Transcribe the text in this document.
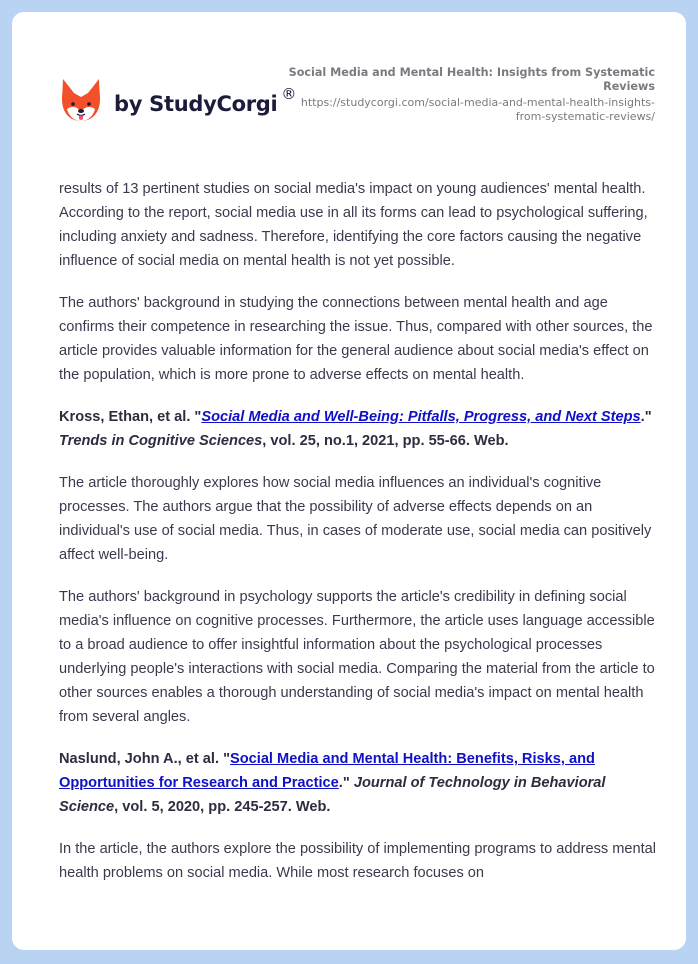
by StudyCorgi ®
Social Media and Mental Health: Insights from Systematic Reviews
https://studycorgi.com/social-media-and-mental-health-insights-from-systematic-reviews/

results of 13 pertinent studies on social media's impact on young audiences' mental health. According to the report, social media use in all its forms can lead to psychological suffering, including anxiety and sadness. Therefore, identifying the core factors causing the negative influence of social media on mental health is not yet possible.

The authors' background in studying the connections between mental health and age confirms their competence in researching the issue. Thus, compared with other sources, the article provides valuable information for the general audience about social media's effect on the population, which is more prone to adverse effects on mental health.

Kross, Ethan, et al. "Social Media and Well-Being: Pitfalls, Progress, and Next Steps." Trends in Cognitive Sciences, vol. 25, no.1, 2021, pp. 55-66. Web.

The article thoroughly explores how social media influences an individual's cognitive processes. The authors argue that the possibility of adverse effects depends on an individual's use of social media. Thus, in cases of moderate use, social media can positively affect well-being.

The authors' background in psychology supports the article's credibility in defining social media's influence on cognitive processes. Furthermore, the article uses language accessible to a broad audience to offer insightful information about the psychological processes underlying people's interactions with social media. Comparing the material from the article to other sources enables a thorough understanding of social media's impact on mental health from several angles.

Naslund, John A., et al. "Social Media and Mental Health: Benefits, Risks, and Opportunities for Research and Practice." Journal of Technology in Behavioral Science, vol. 5, 2020, pp. 245-257. Web.

In the article, the authors explore the possibility of implementing programs to address mental health problems on social media. While most research focuses on
